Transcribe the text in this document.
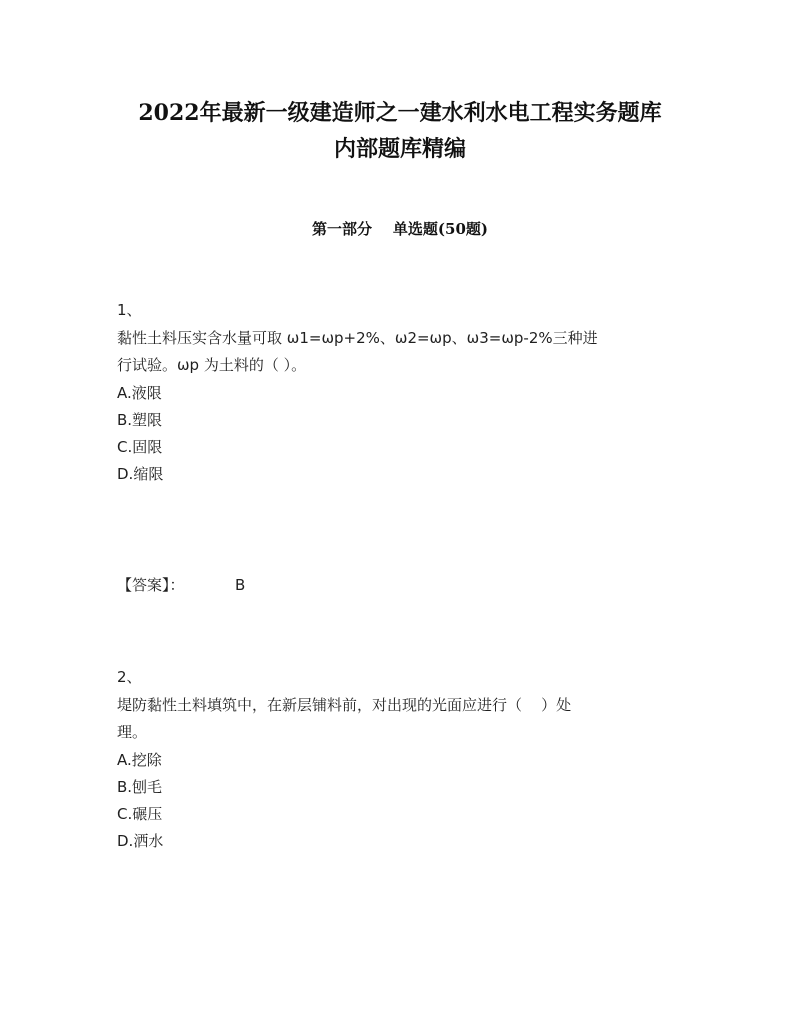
2022年最新一级建造师之一建水利水电工程实务题库
内部题库精编
第一部分    单选题(50题)
1、
黏性土料压实含水量可取 ω1=ωp+2%、ω2=ωp、ω3=ωp-2%三种进
行试验。ωp 为土料的（ ）。
A.液限
B.塑限
C.固限
D.缩限
【答案】：	B
2、
堤防黏性土料填筑中，在新层铺料前，对出现的光面应进行（    ）处
理。
A.挖除
B.刨毛
C.碾压
D.洒水
